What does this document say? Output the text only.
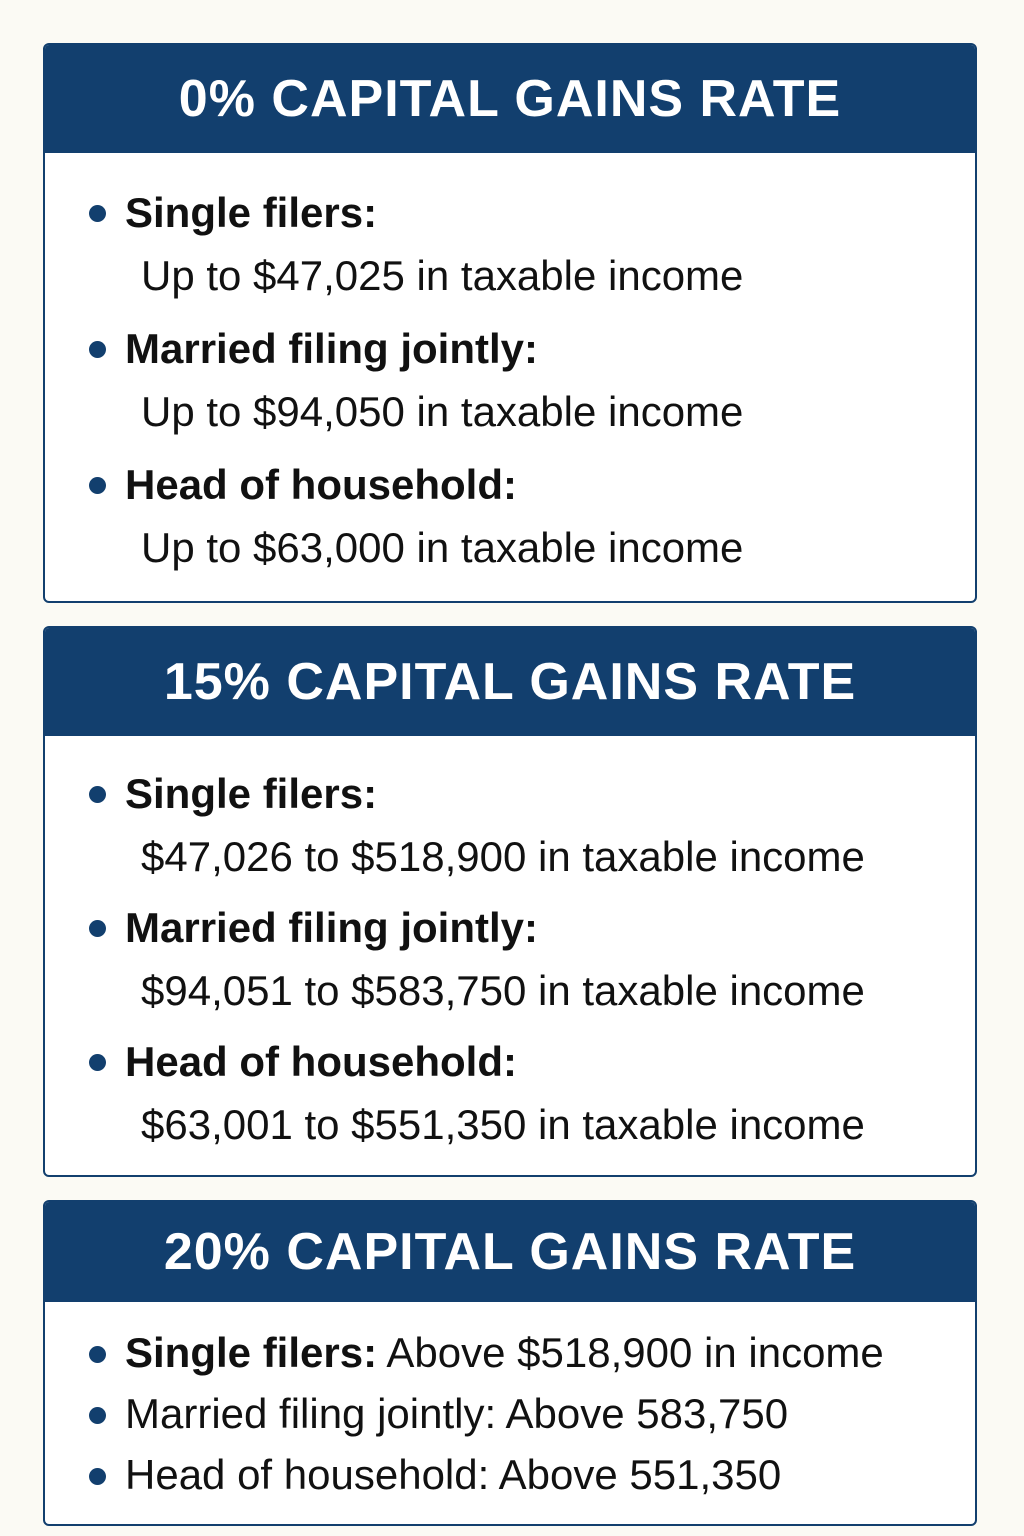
0% CAPITAL GAINS RATE
Single filers:
Up to $47,025 in taxable income
Married filing jointly:
Up to $94,050 in taxable income
Head of household:
Up to $63,000 in taxable income
15% CAPITAL GAINS RATE
Single filers:
$47,026 to $518,900 in taxable income
Married filing jointly:
$94,051 to $583,750 in taxable income
Head of household:
$63,001 to $551,350 in taxable income
20% CAPITAL GAINS RATE
Single filers: Above $518,900 in income
Married filing jointly: Above 583,750
Head of household: Above 551,350
